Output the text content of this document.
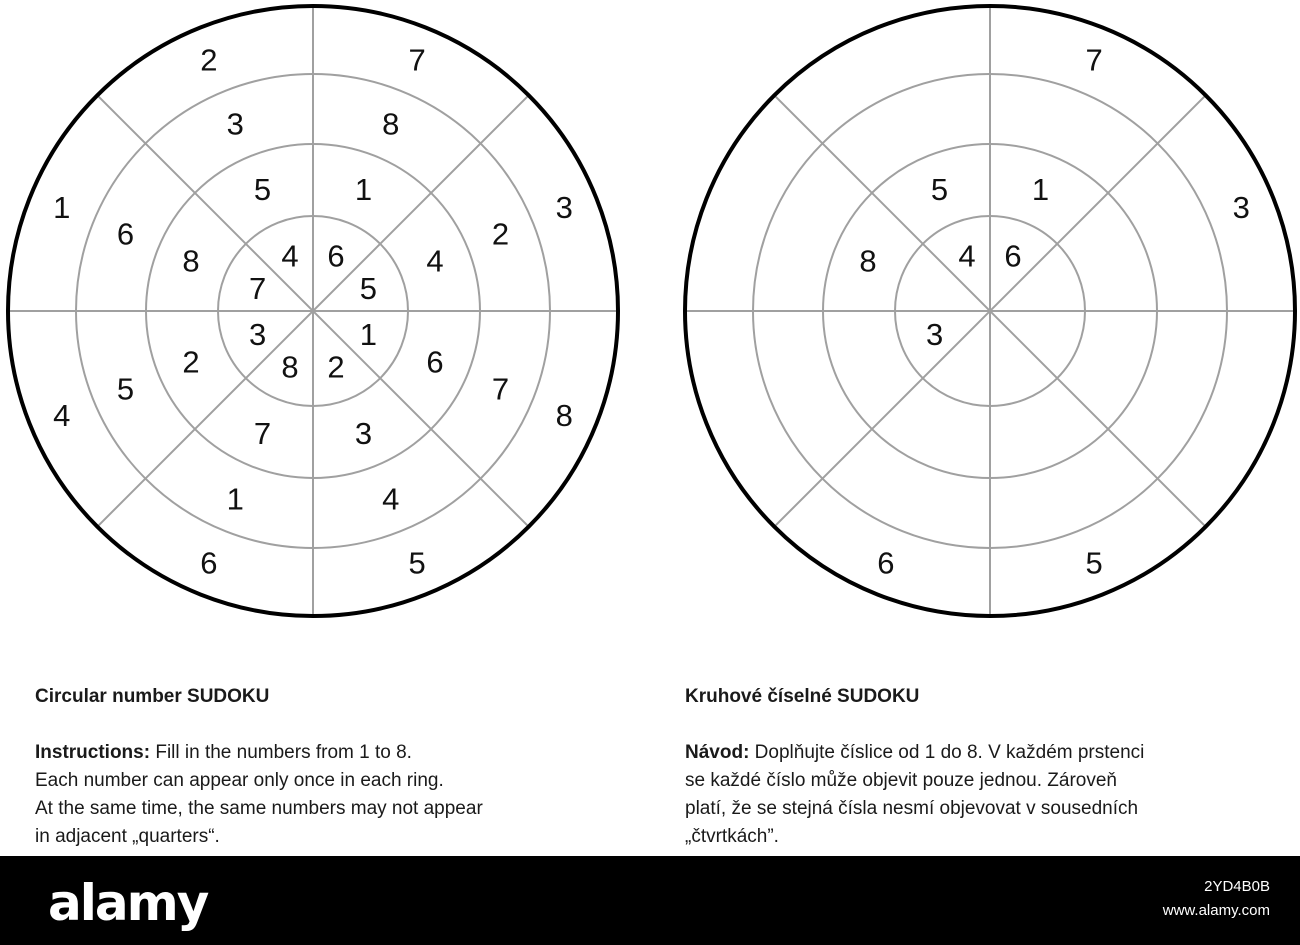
7
2
8
3
1
5
6
4
3
2
4
5
1
6
8
7
8
7
6
1
4
5
2
3
5
4
3
2
6
1
7
8
7
1
6
5
4
3
8
3
5
6
Circular number SUDOKU
Instructions: Fill in the numbers from 1 to 8.
Each number can appear only once in each ring.
At the same time, the same numbers may not appear
in adjacent „quarters“.
Kruhové číselné SUDOKU
Návod: Doplňujte číslice od 1 do 8. V každém prstenci
se každé číslo může objevit pouze jednou. Zároveň
platí, že se stejná čísla nesmí objevovat v sousedních
„čtvrtkách”.
alamy	2YD4B0B
www.alamy.com
